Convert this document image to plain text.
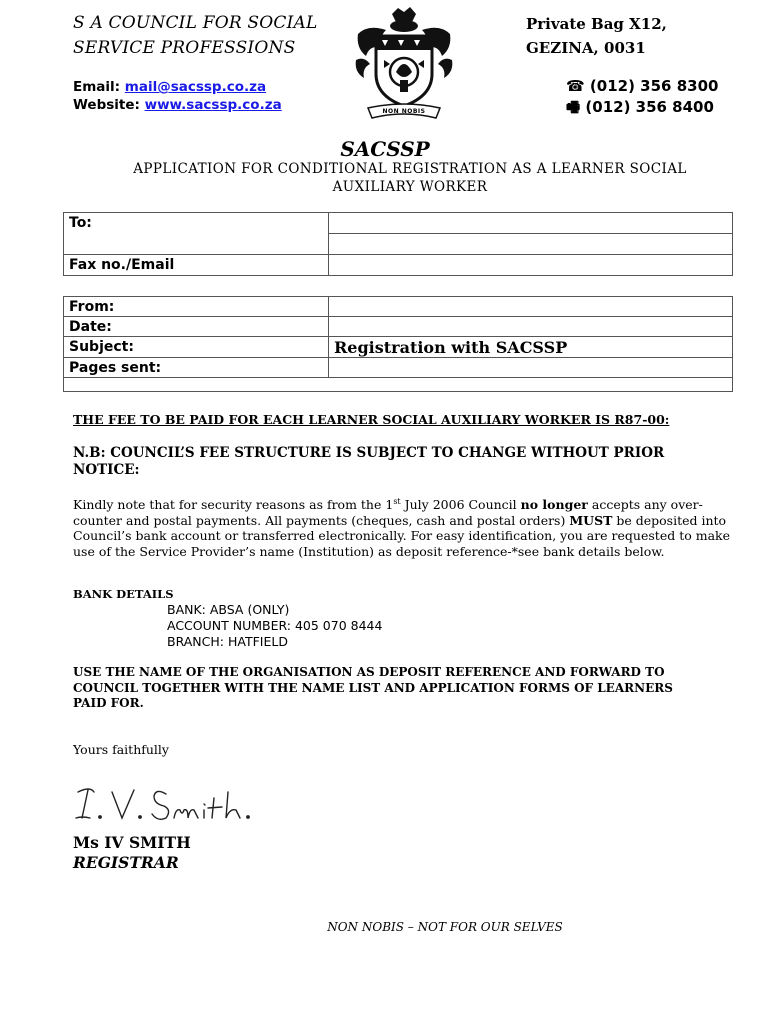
S A COUNCIL FOR SOCIAL
SERVICE PROFESSIONS
Email: mail@sacssp.co.za
Website: www.sacssp.co.za	NON NOBIS
Private Bag X12,
GEZINA, 0031
☎ (012) 356 8300
🖷 (012) 356 8400
SACSSP
APPLICATION FOR CONDITIONAL REGISTRATION AS A LEARNER SOCIAL
AUXILIARY WORKER
To:	

Fax no./Email	
From:	
Date:	
Subject:	Registration with SACSSP
Pages sent:	

THE FEE TO BE PAID FOR EACH LEARNER SOCIAL AUXILIARY WORKER IS R87-00:
N.B: COUNCIL’S FEE STRUCTURE IS SUBJECT TO CHANGE WITHOUT PRIOR
NOTICE:
Kindly note that for security reasons as from the 1st July 2006 Council no longer accepts any over-counter and postal payments. All payments (cheques, cash and postal orders) MUST be deposited into Council’s bank account or transferred electronically. For easy identification, you are requested to make use of the Service Provider’s name (Institution) as deposit reference-*see bank details below.
BANK DETAILS
BANK: ABSA (ONLY)
ACCOUNT NUMBER: 405 070 8444
BRANCH: HATFIELD
USE THE NAME OF THE ORGANISATION AS DEPOSIT REFERENCE AND FORWARD TO
COUNCIL TOGETHER WITH THE NAME LIST AND APPLICATION FORMS OF LEARNERS
PAID FOR.
Yours faithfully
Ms IV SMITH
REGISTRAR
NON NOBIS – NOT FOR OUR SELVES
